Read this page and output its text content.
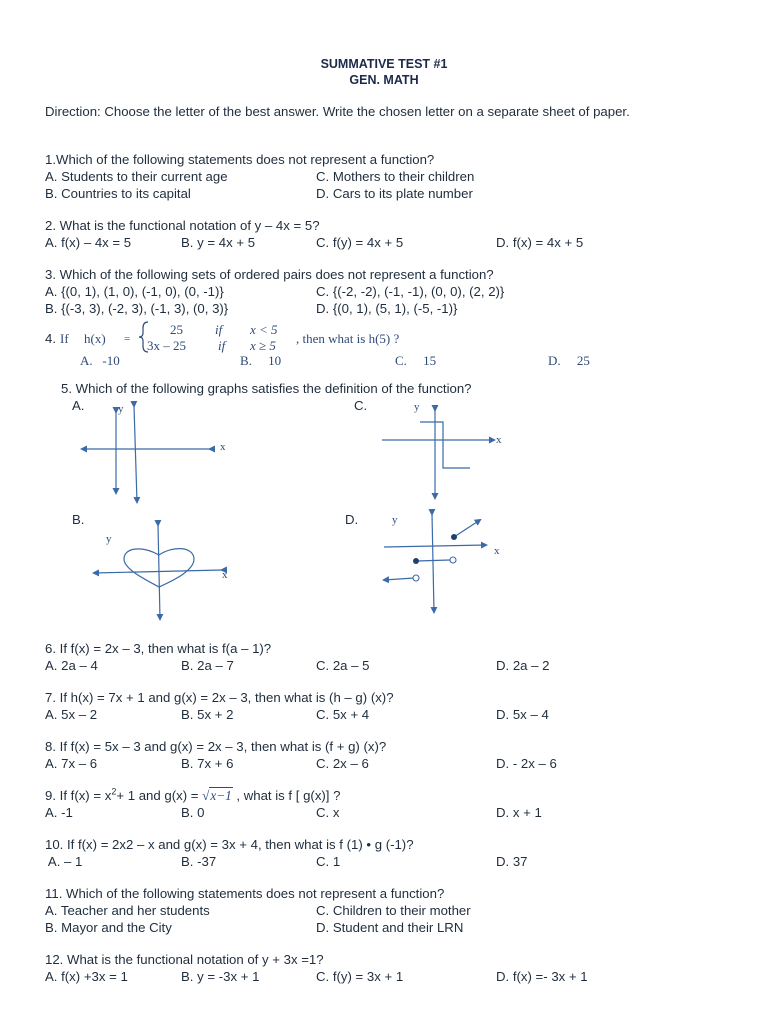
SUMMATIVE TEST #1
GEN. MATH
Direction: Choose the letter of the best answer. Write the chosen letter on a separate sheet of paper.
1.Which of the following statements does not represent a function?
A. Students to their current age	C. Mothers to their children
B. Countries to its capital	D. Cars to its plate number
2. What is the functional notation of y – 4x = 5?
A. f(x) – 4x = 5	B. y = 4x + 5	C. f(y) = 4x + 5	D. f(x) = 4x + 5
3. Which of the following sets of ordered pairs does not represent a function?
A. {(0, 1), (1, 0), (-1, 0), (0, -1)}	C. {(-2, -2), (-1, -1), (0, 0), (2, 2)}
B. {(-3, 3), (-2, 3), (-1, 3), (0, 3)}	D. {(0, 1), (5, 1), (-5, -1)}
4. If h(x) =
25 if x < 5
3x – 25 if x ≥ 5 , then what is h(5) ?
A.   -10	B.     10	C.     15	D.     25
5. Which of the following graphs satisfies the definition of the function?
A.	C.
B.	D.
y
x
y
x
y
x
y
x
6. If f(x) = 2x – 3, then what is f(a – 1)?
A. 2a – 4	B. 2a – 7	C. 2a – 5	D. 2a – 2
7. If h(x) = 7x + 1 and g(x) = 2x – 3, then what is (h – g) (x)?
A. 5x – 2	B. 5x + 2	C. 5x + 4	D. 5x – 4
8. If f(x) = 5x – 3 and g(x) = 2x – 3, then what is (f + g) (x)?
A. 7x – 6	B. 7x + 6	C. 2x – 6	D. - 2x – 6
9. If $f(x) = x^2+ 1$ and g(x) = √x−1 , what is f [ g(x)] ?
A. -1	B. 0	C. x	D. x + 1
10. If f(x) = 2x2 – x and g(x) = 3x + 4, then what is f (1) • g (-1)?
A. – 1	B. -37	C. 1	D. 37
11. Which of the following statements does not represent a function?
A. Teacher and her students	C. Children to their mother
B. Mayor and the City	D. Student and their LRN
12. What is the functional notation of y + 3x =1?
A. f(x) +3x = 1	B. y = -3x + 1	C. f(y) = 3x + 1	D. f(x) =- 3x + 1
